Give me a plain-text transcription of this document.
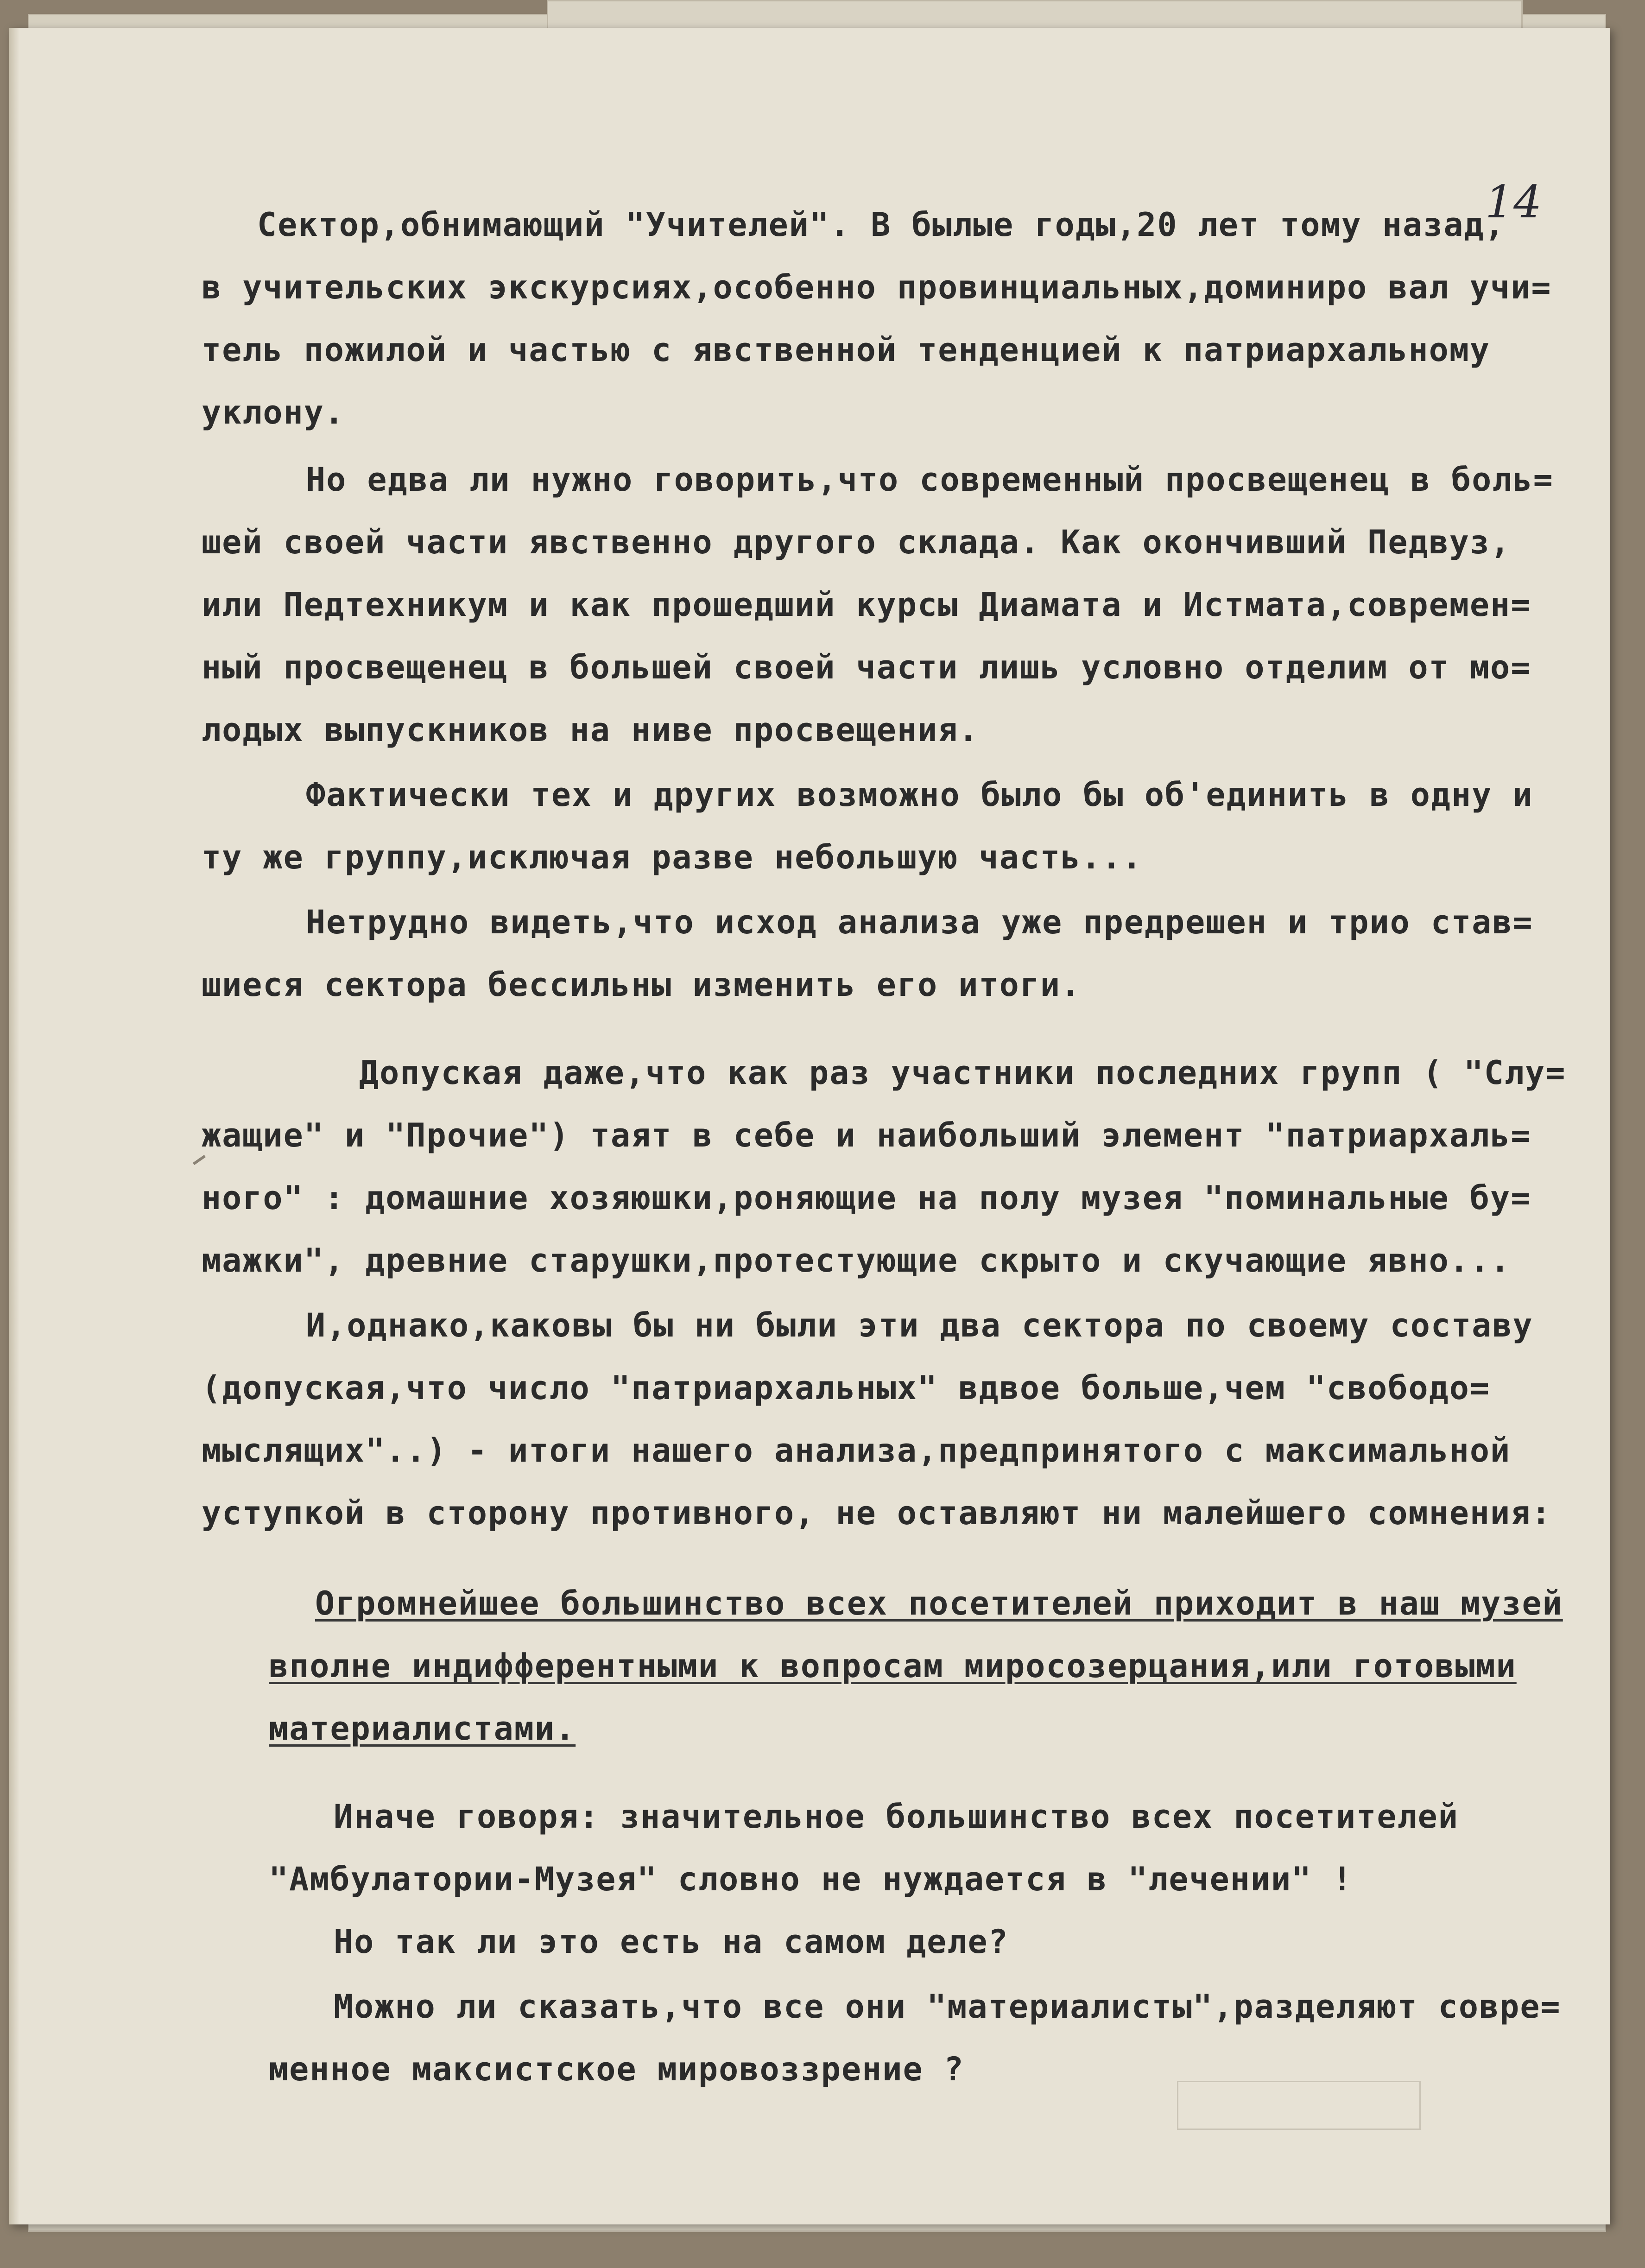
14
Сектор,обнимающий "Учителей". В былые годы,20 лет тому назад,
в учительских экскурсиях,особенно провинциальных,доминиро вал учи=
тель пожилой и частью с явственной тенденцией к патриархальному
уклону.
Но едва ли нужно говорить,что современный просвещенец в боль=
шей своей части явственно другого склада. Как окончивший Педвуз,
или Педтехникум и как прошедший курсы Диамата и Истмата,современ=
ный просвещенец в большей своей части лишь условно отделим от мо=
лодых выпускников на ниве просвещения.
Фактически тех и других возможно было бы об'единить в одну и
ту же группу,исключая разве небольшую часть...
Нетрудно видеть,что исход анализа уже предрешен и трио став=
шиеся сектора бессильны изменить его итоги.
Допуская даже,что как раз участники последних групп ( "Слу=
жащие" и "Прочие") таят в себе и наибольший элемент "патриархаль=
ного" : домашние хозяюшки,роняющие на полу музея "поминальные бу=
мажки", древние старушки,протестующие скрыто и скучающие явно...
И,однако,каковы бы ни были эти два сектора по своему составу
(допуская,что число "патриархальных" вдвое больше,чем "свободо=
мыслящих"..) - итоги нашего анализа,предпринятого с максимальной
уступкой в сторону противного, не оставляют ни малейшего сомнения:
Огромнейшее большинство всех посетителей приходит в наш музей
вполне индифферентными к вопросам миросозерцания,или готовыми
материалистами.
Иначе говоря: значительное большинство всех посетителей
"Амбулатории-Музея" словно не нуждается в "лечении" !
Но так ли это есть на самом деле?
Можно ли сказать,что все они "материалисты",разделяют совре=
менное максистское мировоззрение ?
